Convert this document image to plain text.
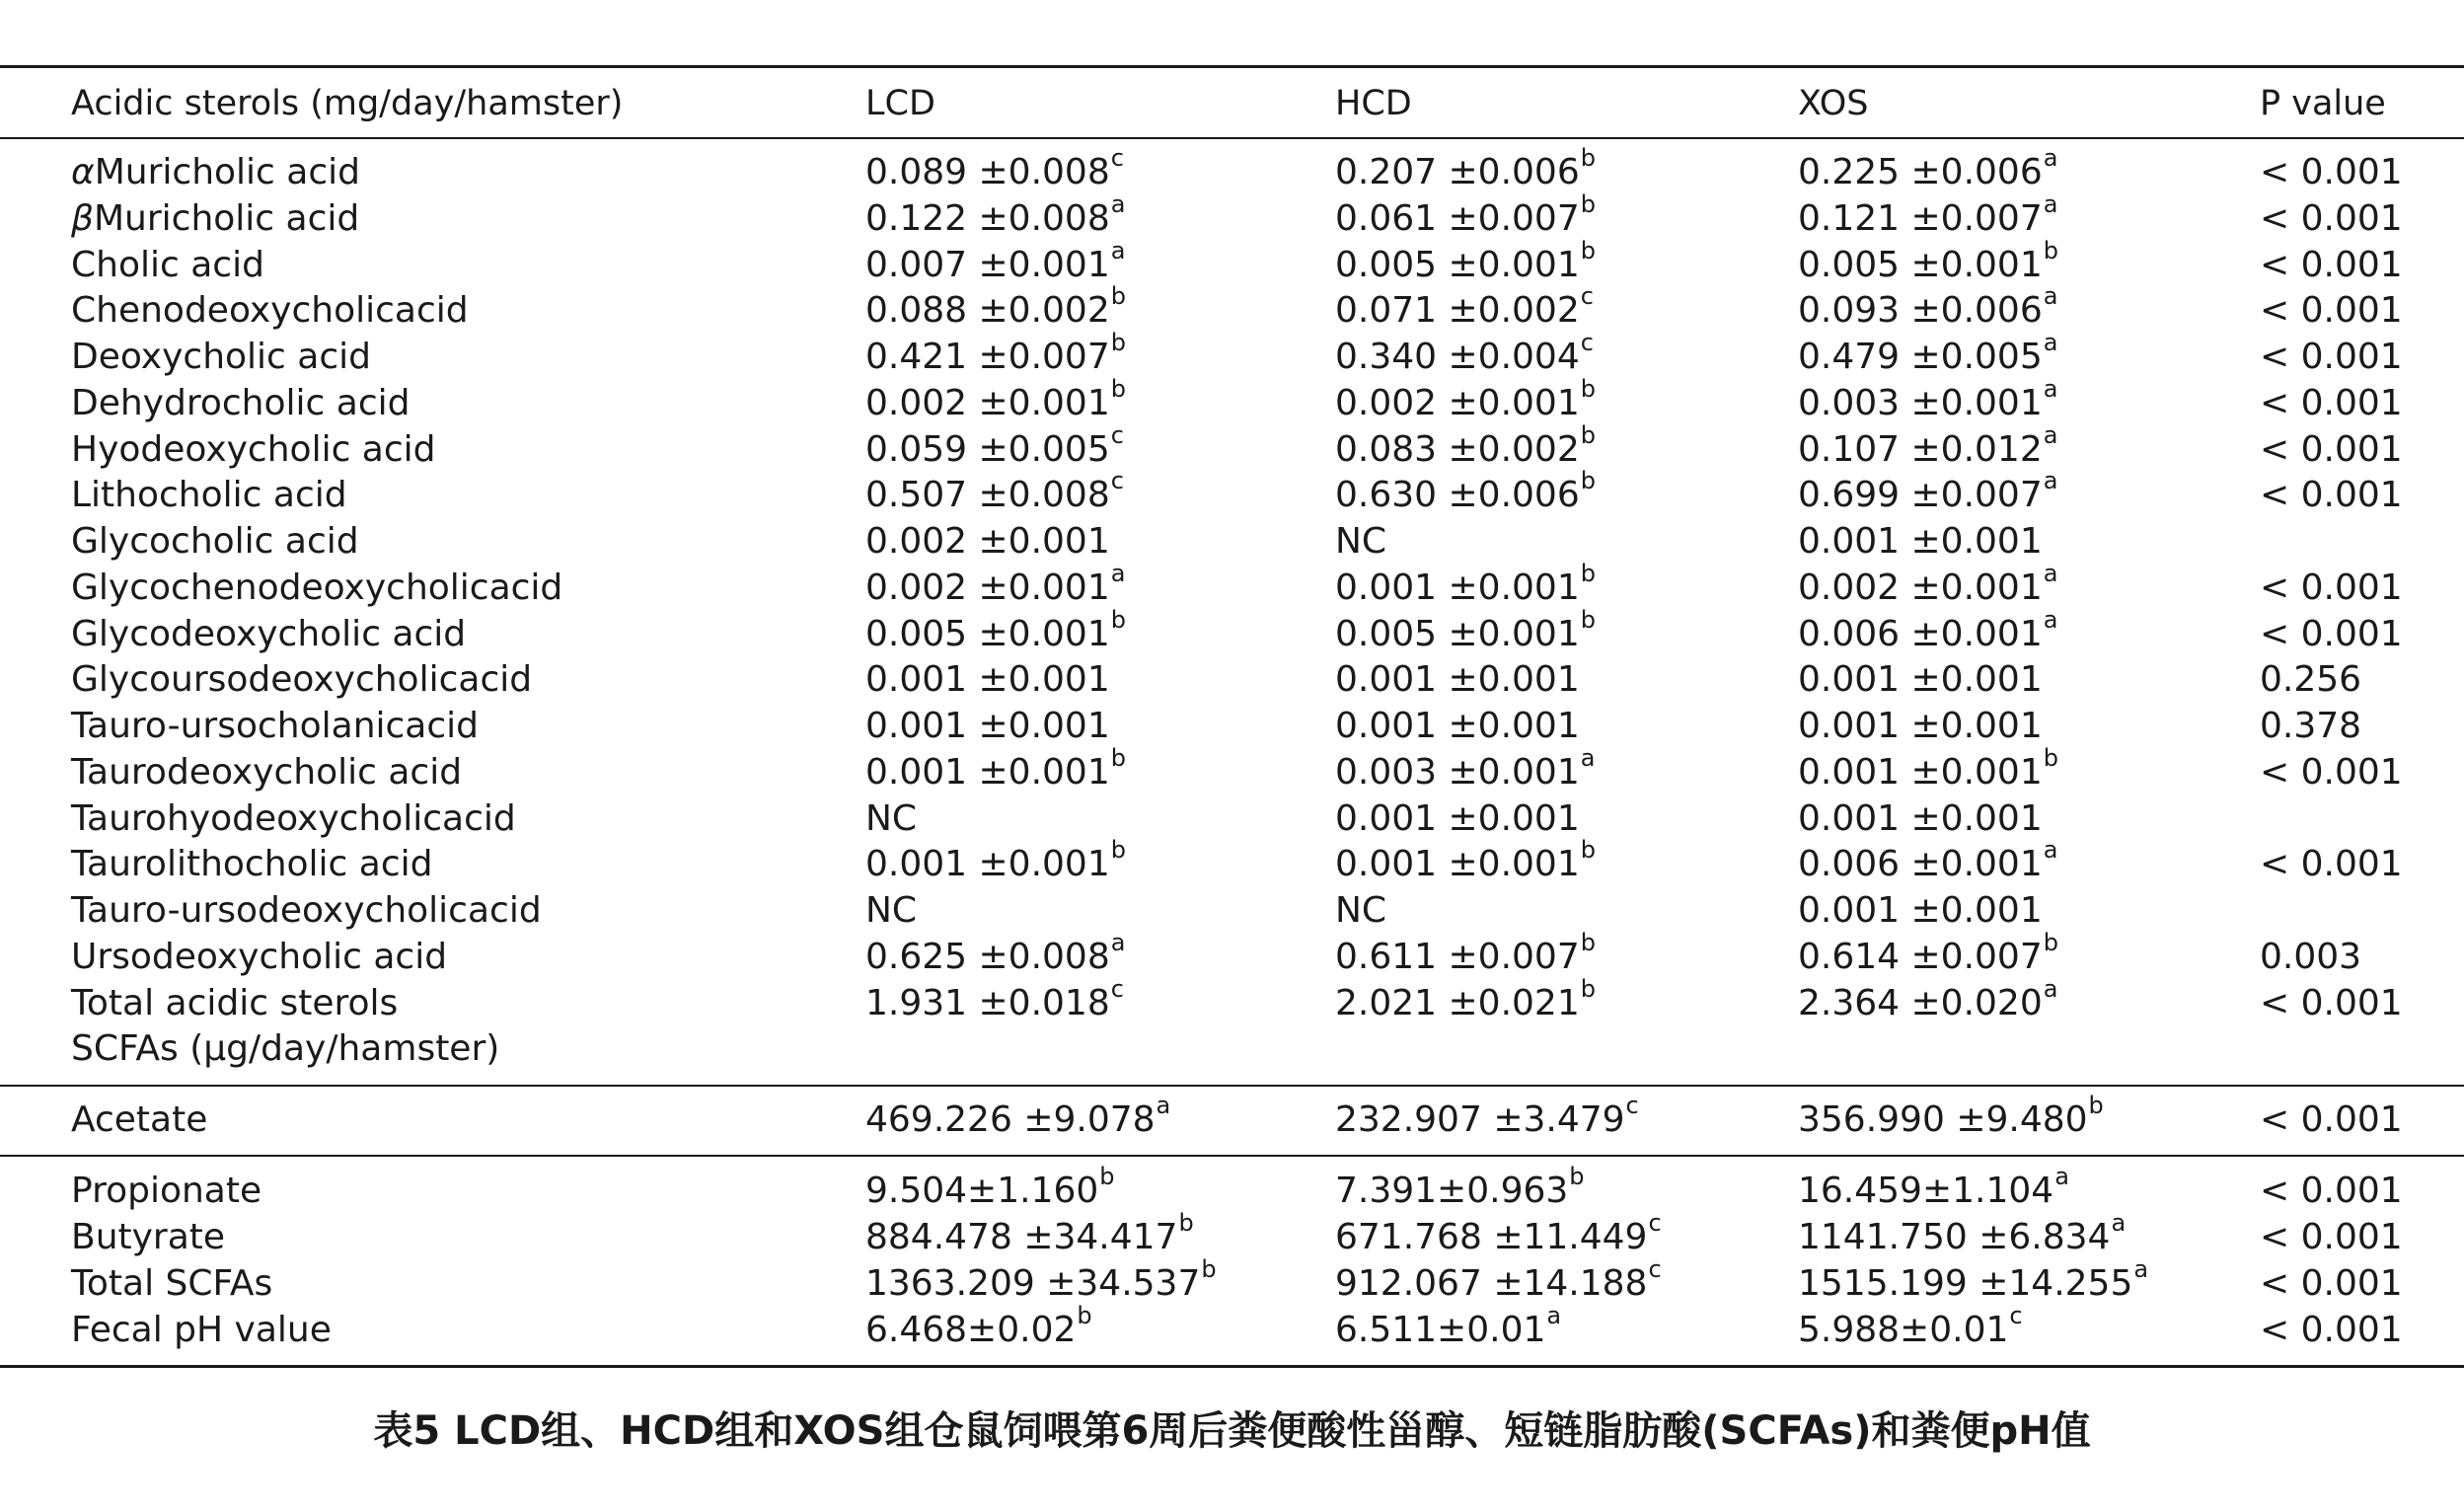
Acidic sterols (mg/day/hamster)	LCD	HCD	XOS	P value
αMuricholic acid	0.089 ±0.008$^c$	0.207 ±0.006$^b$	0.225 ±0.006$^a$	< 0.001
βMuricholic acid	0.122 ±0.008$^a$	0.061 ±0.007$^b$	0.121 ±0.007$^a$	< 0.001
Cholic acid	0.007 ±0.001$^a$	0.005 ±0.001$^b$	0.005 ±0.001$^b$	< 0.001
Chenodeoxycholicacid	0.088 ±0.002$^b$	0.071 ±0.002$^c$	0.093 ±0.006$^a$	< 0.001
Deoxycholic acid	0.421 ±0.007$^b$	0.340 ±0.004$^c$	0.479 ±0.005$^a$	< 0.001
Dehydrocholic acid	0.002 ±0.001$^b$	0.002 ±0.001$^b$	0.003 ±0.001$^a$	< 0.001
Hyodeoxycholic acid	0.059 ±0.005$^c$	0.083 ±0.002$^b$	0.107 ±0.012$^a$	< 0.001
Lithocholic acid	0.507 ±0.008$^c$	0.630 ±0.006$^b$	0.699 ±0.007$^a$	< 0.001
Glycocholic acid	0.002 ±0.001	NC	0.001 ±0.001
Glycochenodeoxycholicacid	0.002 ±0.001$^a$	0.001 ±0.001$^b$	0.002 ±0.001$^a$	< 0.001
Glycodeoxycholic acid	0.005 ±0.001$^b$	0.005 ±0.001$^b$	0.006 ±0.001$^a$	< 0.001
Glycoursodeoxycholicacid	0.001 ±0.001	0.001 ±0.001	0.001 ±0.001	0.256
Tauro-ursocholanicacid	0.001 ±0.001	0.001 ±0.001	0.001 ±0.001	0.378
Taurodeoxycholic acid	0.001 ±0.001$^b$	0.003 ±0.001$^a$	0.001 ±0.001$^b$	< 0.001
Taurohyodeoxycholicacid	NC	0.001 ±0.001	0.001 ±0.001
Taurolithocholic acid	0.001 ±0.001$^b$	0.001 ±0.001$^b$	0.006 ±0.001$^a$	< 0.001
Tauro-ursodeoxycholicacid	NC	NC	0.001 ±0.001
Ursodeoxycholic acid	0.625 ±0.008$^a$	0.611 ±0.007$^b$	0.614 ±0.007$^b$	0.003
Total acidic sterols	1.931 ±0.018$^c$	2.021 ±0.021$^b$	2.364 ±0.020$^a$	< 0.001
SCFAs (μg/day/hamster)
Acetate	469.226 ±9.078$^a$	232.907 ±3.479$^c$	356.990 ±9.480$^b$	< 0.001
Propionate	9.504±1.160$^b$	7.391±0.963$^b$	16.459±1.104$^a$	< 0.001
Butyrate	884.478 ±34.417$^b$	671.768 ±11.449$^c$	1141.750 ±6.834$^a$	< 0.001
Total SCFAs	1363.209 ±34.537$^b$	912.067 ±14.188$^c$	1515.199 ±14.255$^a$	< 0.001
Fecal pH value	6.468±0.02$^b$	6.511±0.01$^a$	5.988±0.01$^c$	< 0.001
表5 LCD组、HCD组和XOS组仓鼠饲喂第6周后粪便酸性甾醇、短链脂肪酸(SCFAs)和粪便pH值
